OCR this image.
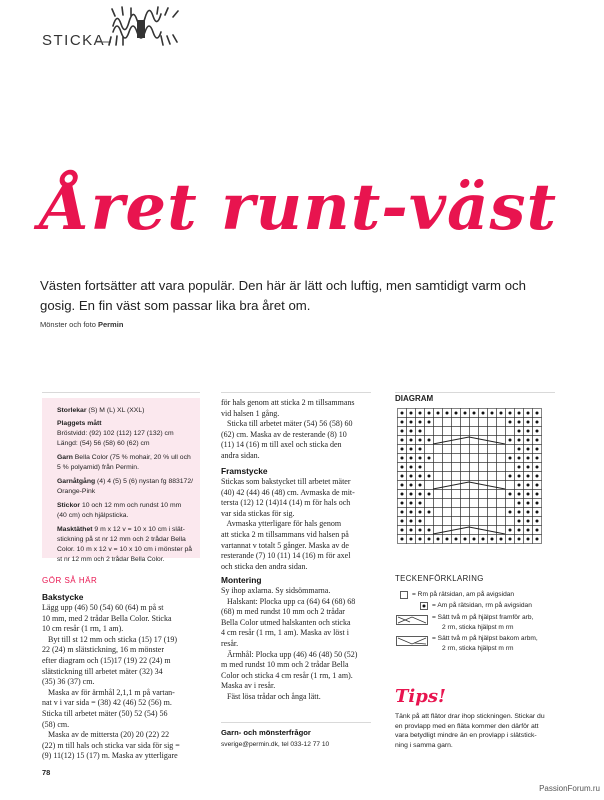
STICKA
Året runt-väst
Västen fortsätter att vara populär. Den här är lätt och luftig, men samtidigt varm och gosig. En fin väst som passar lika bra året om.
Mönster och foto Permin
Storlekar (S) M (L) XL (XXL)
Plaggets mått
Bröstvidd: (92) 102 (112) 127 (132) cm
Längd: (54) 56 (58) 60 (62) cm
Garn Bella Color (75 % mohair, 20 % ull och
5 % polyamid) från Permin.
Garnåtgång (4) 4 (5) 5 (6) nystan fg 883172/
Orange-Pink
Stickor 10 och 12 mm och rundst 10 mm
(40 cm) och hjälpsticka.
Masktäthet 9 m x 12 v = 10 x 10 cm i slät-
stickning på st nr 12 mm och 2 trådar Bella
Color. 10 m x 12 v = 10 x 10 cm i mönster på
st nr 12 mm och 2 trådar Bella Color.
GÖR SÅ HÄR
Bakstycke
Lägg upp (46) 50 (54) 60 (64) m på st
10 mm, med 2 trådar Bella Color. Sticka
10 cm resår (1 rm, 1 am).
Byt till st 12 mm och sticka (15) 17 (19)
22 (24) m slätstickning, 16 m mönster
efter diagram och (15)17 (19) 22 (24) m
slätstickning till arbetet mäter (32) 34
(35) 36 (37) cm.
Maska av för ärmhål 2,1,1 m på vartan-
nat v i var sida = (38) 42 (46) 52 (56) m.
Sticka till arbetet mäter (50) 52 (54) 56
(58) cm.
Maska av de mittersta (20) 20 (22) 22
(22) m till hals och sticka var sida för sig =
(9) 11(12) 15 (17) m. Maska av ytterligare
för hals genom att sticka 2 m tillsammans
vid halsen 1 gång.
Sticka till arbetet mäter (54) 56 (58) 60
(62) cm. Maska av de resterande (8) 10
(11) 14 (16) m till axel och sticka den
andra sidan.
Framstycke
Stickas som bakstycket till arbetet mäter
(40) 42 (44) 46 (48) cm. Avmaska de mit-
tersta (12) 12 (14)14 (14) m för hals och
var sida stickas för sig.
Avmaska ytterligare för hals genom
att sticka 2 m tillsammans vid halsen på
vartannat v totalt 5 gånger. Maska av de
resterande (7) 10 (11) 14 (16) m för axel
och sticka den andra sidan.
Montering
Sy ihop axlarna. Sy sidsömmarna.
Halskant: Plocka upp ca (64) 64 (68) 68
(68) m med rundst 10 mm och 2 trådar
Bella Color utmed halskanten och sticka
4 cm resår (1 rm, 1 am). Maska av löst i
resår.
Ärmhål: Plocka upp (46) 46 (48) 50 (52)
m med rundst 10 mm och 2 trådar Bella
Color och sticka 4 cm resår (1 rm, 1 am).
Maska av i resår.
Fäst lösa trådar och ånga lätt.
Garn- och mönsterfrågor
sverige@permin.dk, tel 033-12 77 10
DIAGRAM
TECKENFÖRKLARING
= Rm på rätsidan, am på avigsidan
= Am på rätsidan, rm på avigsidan
= Sätt två m på hjälpst framför arb,
2 rm, sticka hjälpst m rm
= Sätt två m på hjälpst bakom arbm,
2 rm, sticka hjälpst m rm
Tips!
Tänk på att flätor drar ihop stickningen. Stickar du
en provlapp med en fläta kommer den därför att
vara betydligt mindre än en provlapp i slätstick-
ning i samma garn.
78
PassionForum.ru
